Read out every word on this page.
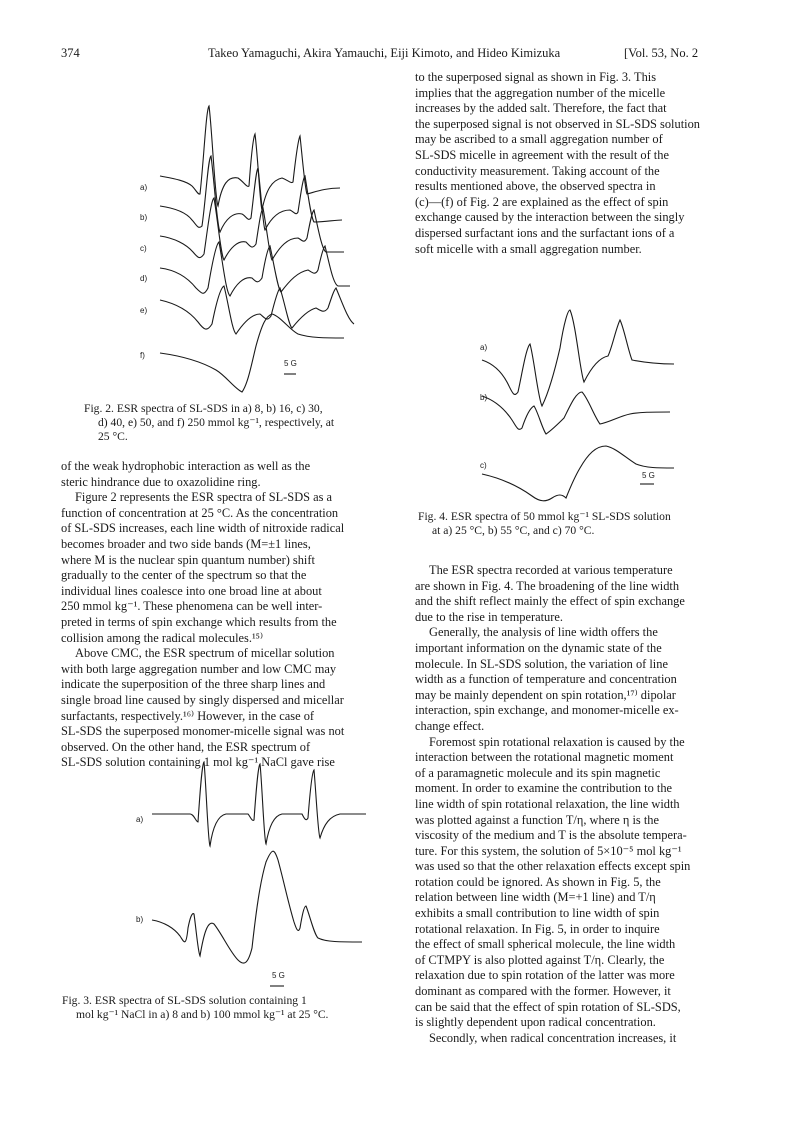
374	Takeo Yamaguchi, Akira Yamauchi, Eiji Kimoto, and Hideo Kimizuka	[Vol. 53, No. 2
a)
b)
c)
d)
e)
f)
5 G
Fig. 2. ESR spectra of SL-SDS in a) 8, b) 16, c) 30,
d) 40, e) 50, and f) 250 mmol kg⁻¹, respectively, at
25 °C.

of the weak hydrophobic interaction as well as the
steric hindrance due to oxazolidine ring.

Figure 2 represents the ESR spectra of SL-SDS as a
function of concentration at 25 °C. As the concentration
of SL-SDS increases, each line width of nitroxide radical
becomes broader and two side bands (M=±1 lines,
where M is the nuclear spin quantum number) shift
gradually to the center of the spectrum so that the
individual lines coalesce into one broad line at about
250 mmol kg⁻¹. These phenomena can be well inter-
preted in terms of spin exchange which results from the
collision among the radical molecules.¹⁵⁾

Above CMC, the ESR spectrum of micellar solution
with both large aggregation number and low CMC may
indicate the superposition of the three sharp lines and
single broad line caused by singly dispersed and micellar
surfactants, respectively.¹⁶⁾ However, in the case of
SL-SDS the superposed monomer-micelle signal was not
observed. On the other hand, the ESR spectrum of
SL-SDS solution containing 1 mol kg⁻¹ NaCl gave rise

a)
b)
5 G
Fig. 3. ESR spectra of SL-SDS solution containing 1
mol kg⁻¹ NaCl in a) 8 and b) 100 mmol kg⁻¹ at 25 °C.

to the superposed signal as shown in Fig. 3. This
implies that the aggregation number of the micelle
increases by the added salt. Therefore, the fact that
the superposed signal is not observed in SL-SDS solution
may be ascribed to a small aggregation number of
SL-SDS micelle in agreement with the result of the
conductivity measurement. Taking account of the
results mentioned above, the observed spectra in
(c)—(f) of Fig. 2 are explained as the effect of spin
exchange caused by the interaction between the singly
dispersed surfactant ions and the surfactant ions of a
soft micelle with a small aggregation number.

a)
b)
c)
5 G
Fig. 4. ESR spectra of 50 mmol kg⁻¹ SL-SDS solution
at a) 25 °C, b) 55 °C, and c) 70 °C.

The ESR spectra recorded at various temperature
are shown in Fig. 4. The broadening of the line width
and the shift reflect mainly the effect of spin exchange
due to the rise in temperature.

Generally, the analysis of line width offers the
important information on the dynamic state of the
molecule. In SL-SDS solution, the variation of line
width as a function of temperature and concentration
may be mainly dependent on spin rotation,¹⁷⁾ dipolar
interaction, spin exchange, and monomer-micelle ex-
change effect.

Foremost spin rotational relaxation is caused by the
interaction between the rotational magnetic moment
of a paramagnetic molecule and its spin magnetic
moment. In order to examine the contribution to the
line width of spin rotational relaxation, the line width
was plotted against a function T/η, where η is the
viscosity of the medium and T is the absolute tempera-
ture. For this system, the solution of 5×10⁻⁵ mol kg⁻¹
was used so that the other relaxation effects except spin
rotation could be ignored. As shown in Fig. 5, the
relation between line width (M=+1 line) and T/η
exhibits a small contribution to line width of spin
rotational relaxation. In Fig. 5, in order to inquire
the effect of small spherical molecule, the line width
of CTMPY is also plotted against T/η. Clearly, the
relaxation due to spin rotation of the latter was more
dominant as compared with the former. However, it
can be said that the effect of spin rotation of SL-SDS,
is slightly dependent upon radical concentration.

Secondly, when radical concentration increases, it
